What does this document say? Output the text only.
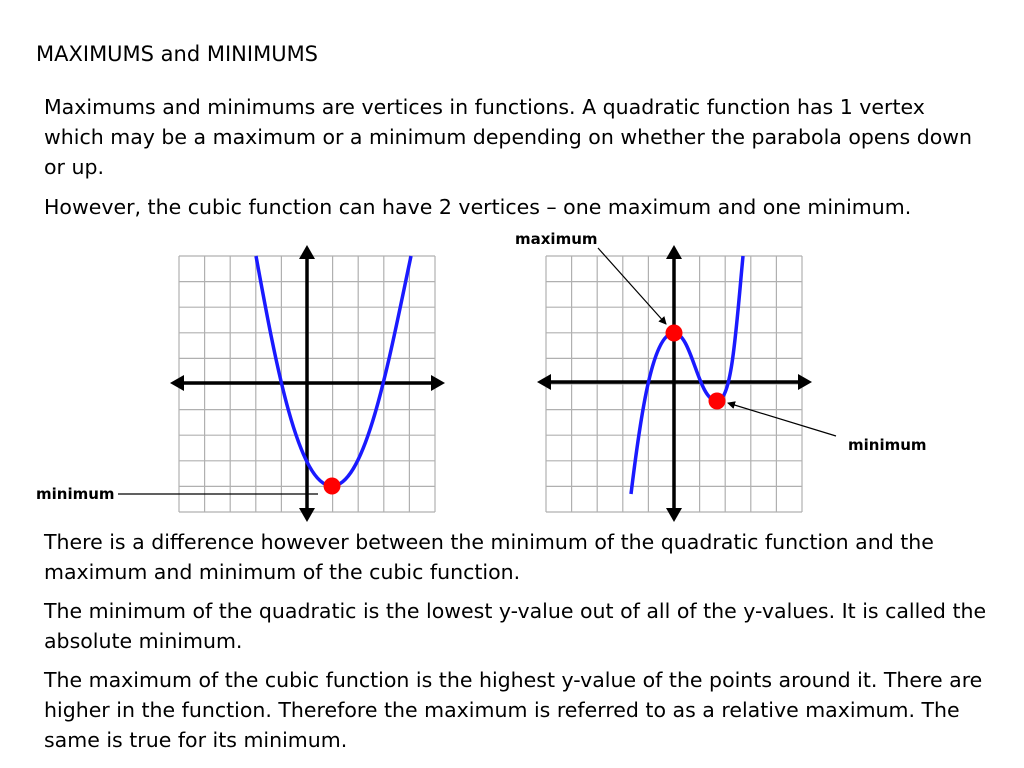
MAXIMUMS and MINIMUMS

Maximums and minimums are vertices in functions. A quadratic function has 1 vertex which may be a maximum or a minimum depending on whether the parabola opens down or up.

However, the cubic function can have 2 vertices – one maximum and one minimum.

minimum
maximum
minimum

There is a difference however between the minimum of the quadratic function and the maximum and minimum of the cubic function.

The minimum of the quadratic is the lowest y-value out of all of the y-values. It is called the absolute minimum.

The maximum of the cubic function is the highest y-value of the points around it. There are higher in the function. Therefore the maximum is referred to as a relative maximum. The same is true for its minimum.
